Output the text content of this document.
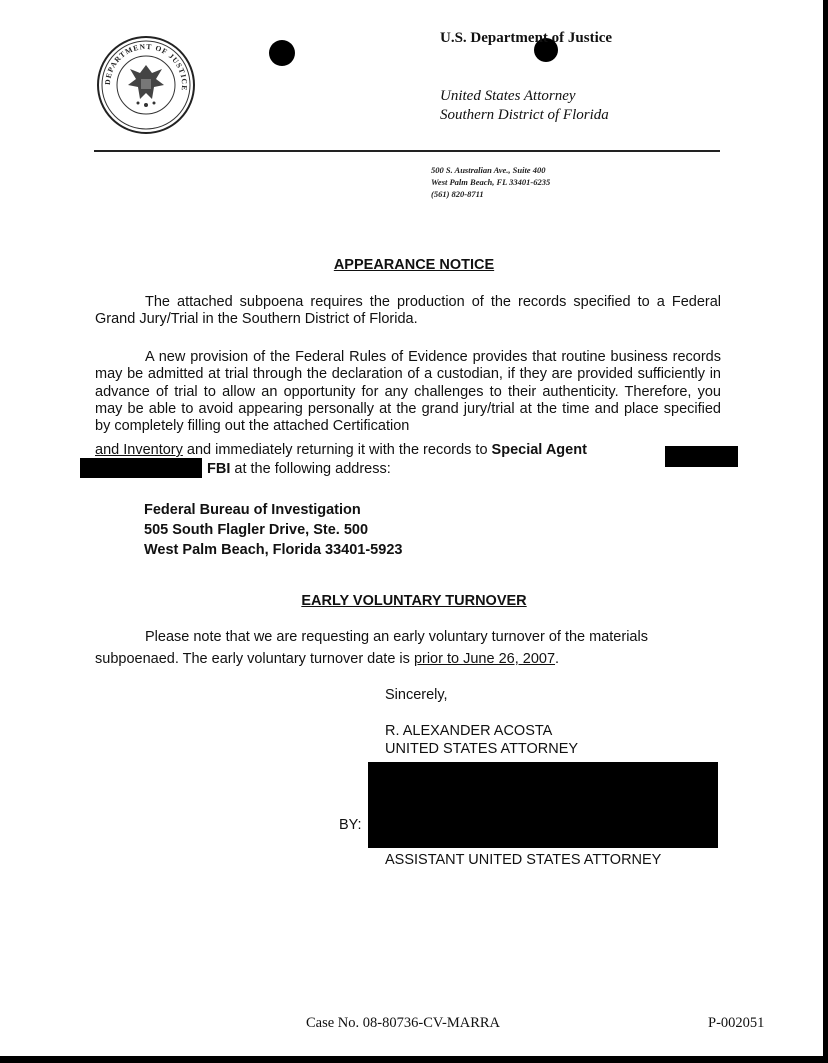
DEPARTMENT OF JUSTICE
U.S. Department of Justice
United States Attorney
Southern District of Florida
500 S. Australian Ave., Suite 400
West Palm Beach, FL 33401-6235
(561) 820-8711
APPEARANCE NOTICE

The attached subpoena requires the production of the records specified to a Federal Grand Jury/Trial in the Southern District of Florida.

A new provision of the Federal Rules of Evidence provides that routine business records may be admitted at trial through the declaration of a custodian, if they are provided sufficiently in advance of trial to allow an opportunity for any challenges to their authenticity. Therefore, you may be able to avoid appearing personally at the grand jury/trial at the time and place specified by completely filling out the attached Certification

and Inventory and immediately returning it with the records to Special Agent
FBI at the following address:
Federal Bureau of Investigation
505 South Flagler Drive, Ste. 500
West Palm Beach, Florida 33401-5923
EARLY VOLUNTARY TURNOVER
Please note that we are requesting an early voluntary turnover of the materials
subpoenaed. The early voluntary turnover date is prior to June 26, 2007.
Sincerely,
R. ALEXANDER ACOSTA
UNITED STATES ATTORNEY
BY:
ASSISTANT UNITED STATES ATTORNEY
Case No. 08-80736-CV-MARRA	P-002051
